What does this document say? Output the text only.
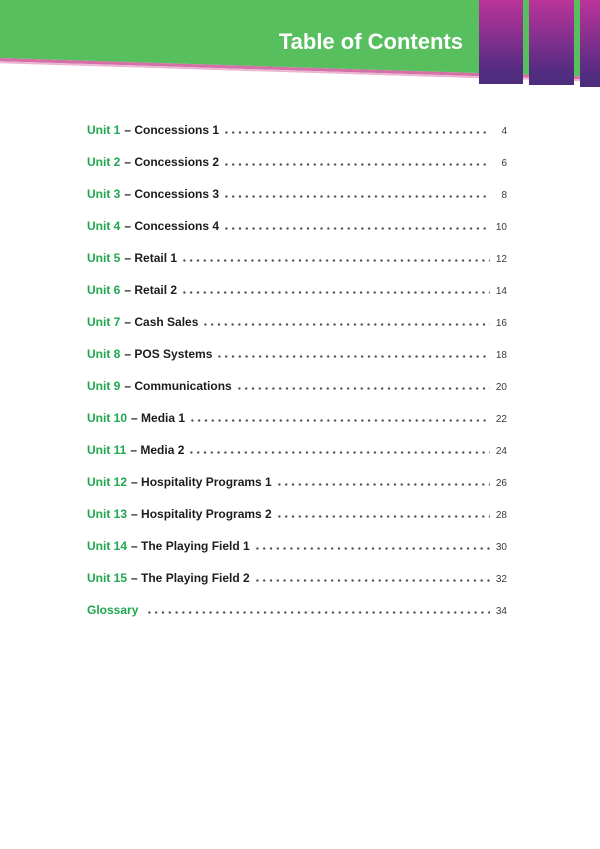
Table of Contents
Unit 1 – Concessions 1	4
Unit 2 – Concessions 2	6
Unit 3 – Concessions 3	8
Unit 4 – Concessions 4	10
Unit 5 – Retail 1	12
Unit 6 – Retail 2	14
Unit 7 – Cash Sales	16
Unit 8 – POS Systems	18
Unit 9 – Communications	20
Unit 10 – Media 1	22
Unit 11 – Media 2	24
Unit 12 – Hospitality Programs 1	26
Unit 13 – Hospitality Programs 2	28
Unit 14 – The Playing Field 1	30
Unit 15 – The Playing Field 2	32
Glossary	34
